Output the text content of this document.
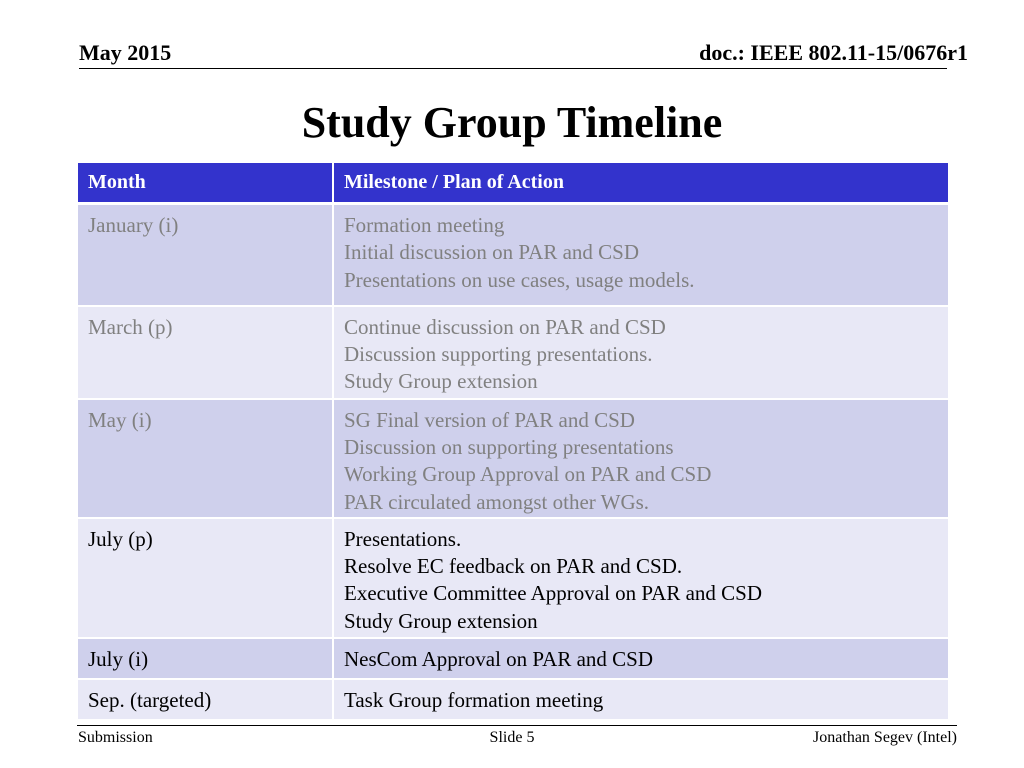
May 2015	doc.: IEEE 802.11-15/0676r1
Study Group Timeline
Month	Milestone / Plan of Action
January (i)	Formation meeting
Initial discussion on PAR and CSD
Presentations on use cases, usage models.

March (p)	Continue discussion on PAR and CSD
Discussion supporting presentations.
Study Group extension

May (i)	SG Final version of PAR and CSD
Discussion on supporting presentations
Working Group Approval on PAR and CSD
PAR circulated amongst other WGs.

July (p)	Presentations.
Resolve EC feedback on PAR and CSD.
Executive Committee Approval on PAR and CSD
Study Group extension

July (i)	NesCom Approval on PAR and CSD

Sep. (targeted)	Task Group formation meeting
Submission	Slide 5	Jonathan Segev (Intel)
